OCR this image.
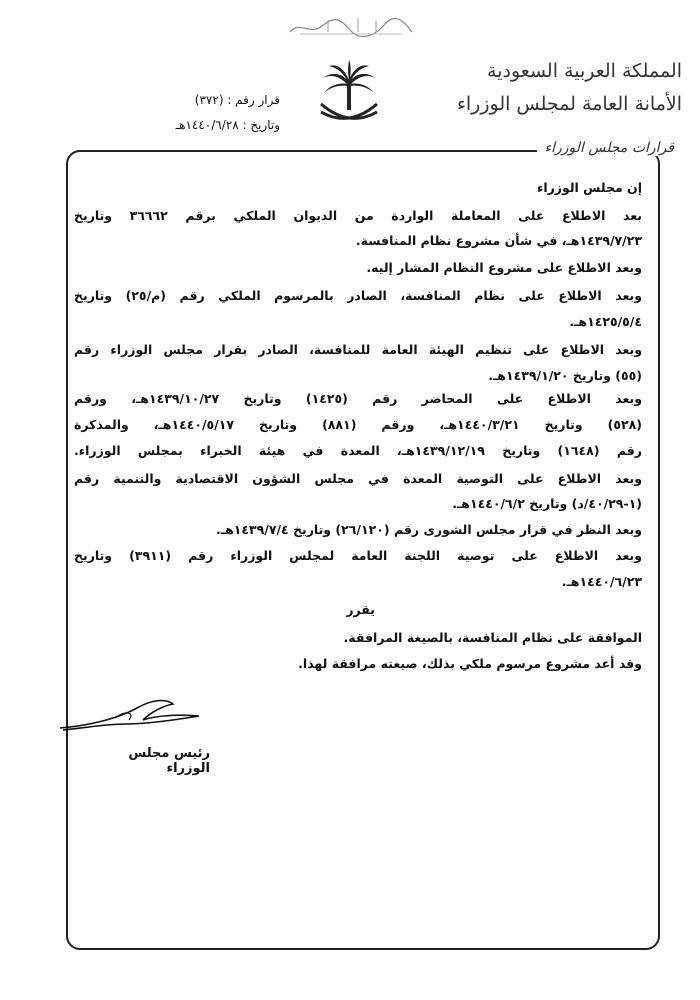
المملكة العربية السعودية
الأمانة العامة لمجلس الوزراء
قرار رقم : (٣٧٢)
وتاريخ : ١٤٤٠/٦/٢٨هـ
قرارات مجلس الوزراء
إن مجلس الوزراء
بعد الاطلاع على المعاملة الواردة من الديوان الملكي برقم ٣٦٦٦٢ وتاريخ
١٤٣٩/٧/٢٣هـ، في شأن مشروع نظام المنافسة.
وبعد الاطلاع على مشروع النظام المشار إليه.
وبعد الاطلاع على نظام المنافسة، الصادر بالمرسوم الملكي رقم (م/٢٥) وتاريخ
١٤٢٥/٥/٤هـ.
وبعد الاطلاع على تنظيم الهيئة العامة للمنافسة، الصادر بقرار مجلس الوزراء رقم
(٥٥) وتاريخ ١٤٣٩/١/٢٠هـ.
وبعد الاطلاع على المحاضر رقم (١٤٢٥) وتاريخ ١٤٣٩/١٠/٢٧هـ، ورقم
(٥٢٨) وتاريخ ١٤٤٠/٣/٢١هـ، ورقم (٨٨١) وتاريخ ١٤٤٠/٥/١٧هـ، والمذكرة
رقم (١٦٤٨) وتاريخ ١٤٣٩/١٢/١٩هـ، المعدة في هيئة الخبراء بمجلس الوزراء.
وبعد الاطلاع على التوصية المعدة في مجلس الشؤون الاقتصادية والتنمية رقم
(١-٤٠/٢٩/د) وتاريخ ١٤٤٠/٦/٢هـ.
وبعد النظر في قرار مجلس الشورى رقم (٢٦/١٢٠) وتاريخ ١٤٣٩/٧/٤هـ.
وبعد الاطلاع على توصية اللجنة العامة لمجلس الوزراء رقم (٣٩١١) وتاريخ
١٤٤٠/٦/٢٣هـ.
يقرر
الموافقة على نظام المنافسة، بالصيغة المرافقة.
وقد أعد مشروع مرسوم ملكي بذلك، صيغته مرافقة لهذا.
رئيس مجلس الوزراء
